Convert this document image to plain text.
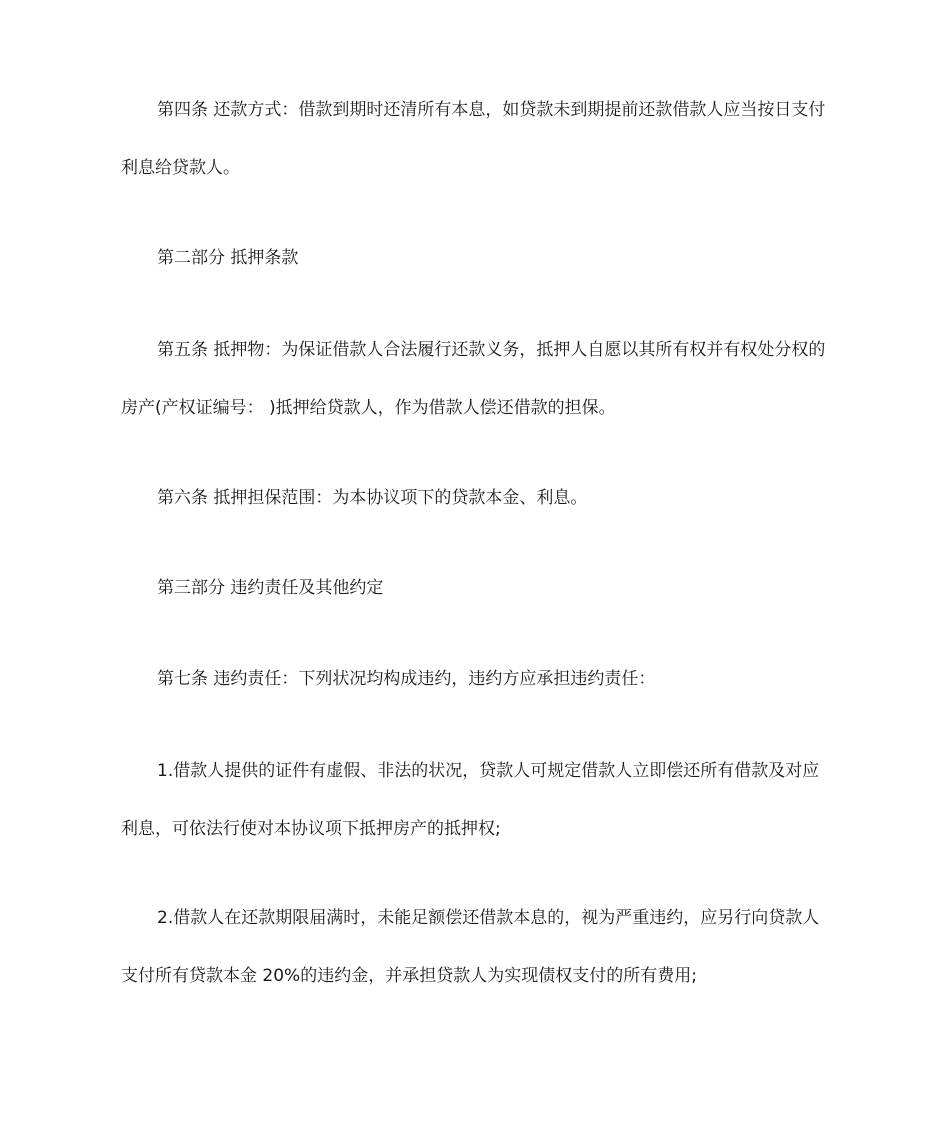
第四条 还款方式：借款到期时还清所有本息，如贷款未到期提前还款借款人应当按日支付利息给贷款人。

第二部分 抵押条款

第五条 抵押物：为保证借款人合法履行还款义务，抵押人自愿以其所有权并有权处分权的房产(产权证编号： )抵押给贷款人，作为借款人偿还借款的担保。

第六条 抵押担保范围：为本协议项下的贷款本金、利息。

第三部分 违约责任及其他约定

第七条 违约责任：下列状况均构成违约，违约方应承担违约责任：

1.借款人提供的证件有虚假、非法的状况，贷款人可规定借款人立即偿还所有借款及对应利息，可依法行使对本协议项下抵押房产的抵押权;

2.借款人在还款期限届满时，未能足额偿还借款本息的，视为严重违约，应另行向贷款人支付所有贷款本金 20%的违约金，并承担贷款人为实现债权支付的所有费用;
